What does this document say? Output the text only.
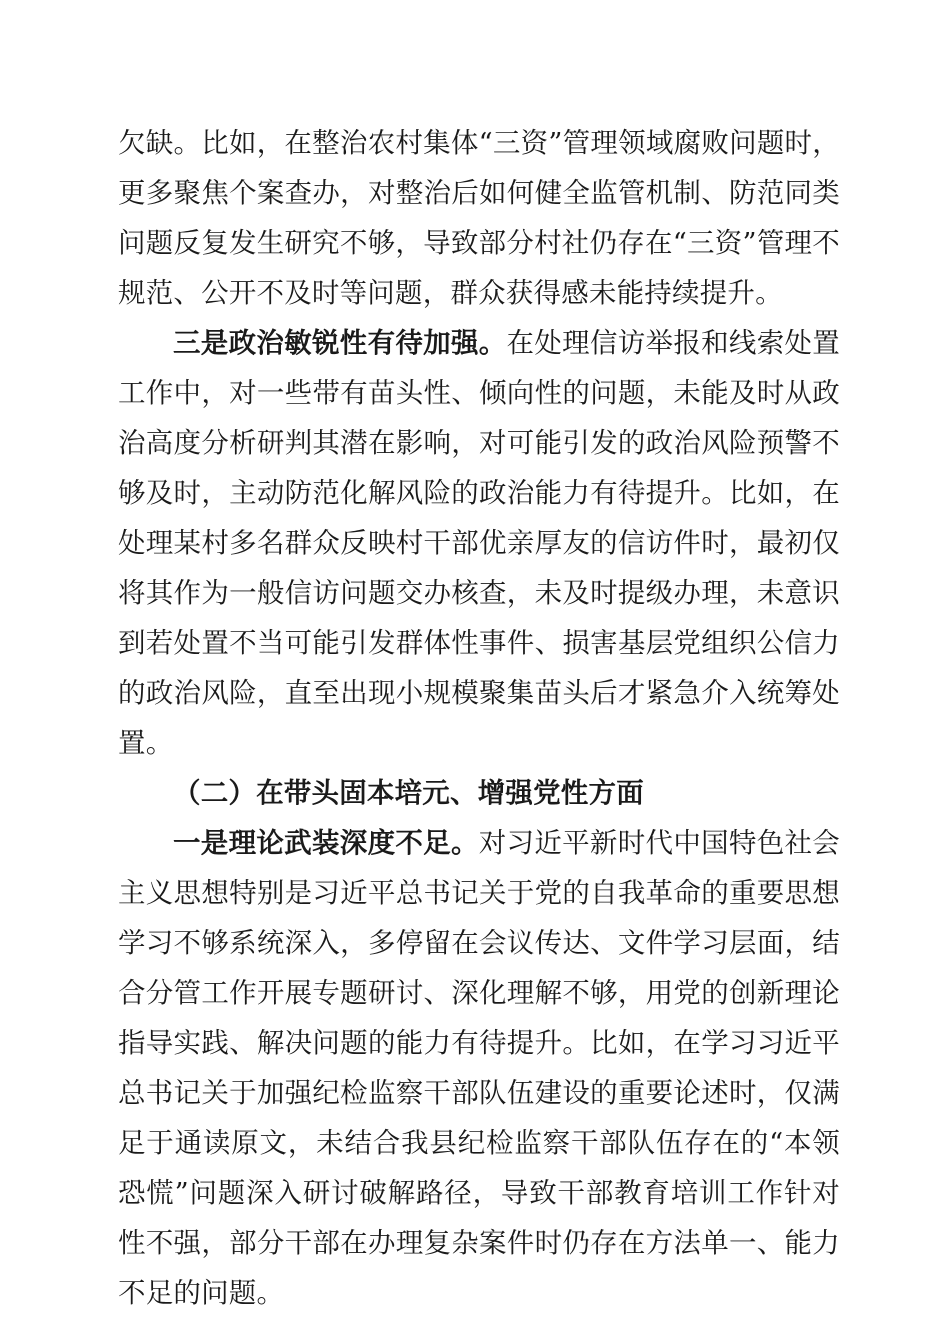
欠缺。比如，在整治农村集体“三资”管理领域腐败问题时，更多聚焦个案查办，对整治后如何健全监管机制、防范同类问题反复发生研究不够，导致部分村社仍存在“三资”管理不规范、公开不及时等问题，群众获得感未能持续提升。

三是政治敏锐性有待加强。在处理信访举报和线索处置工作中，对一些带有苗头性、倾向性的问题，未能及时从政治高度分析研判其潜在影响，对可能引发的政治风险预警不够及时，主动防范化解风险的政治能力有待提升。比如，在处理某村多名群众反映村干部优亲厚友的信访件时，最初仅将其作为一般信访问题交办核查，未及时提级办理，未意识到若处置不当可能引发群体性事件、损害基层党组织公信力的政治风险，直至出现小规模聚集苗头后才紧急介入统筹处置。

（二）在带头固本培元、增强党性方面

一是理论武装深度不足。对习近平新时代中国特色社会主义思想特别是习近平总书记关于党的自我革命的重要思想学习不够系统深入，多停留在会议传达、文件学习层面，结合分管工作开展专题研讨、深化理解不够，用党的创新理论指导实践、解决问题的能力有待提升。比如，在学习习近平总书记关于加强纪检监察干部队伍建设的重要论述时，仅满足于通读原文，未结合我县纪检监察干部队伍存在的“本领恐慌”问题深入研讨破解路径，导致干部教育培训工作针对性不强，部分干部在办理复杂案件时仍存在方法单一、能力不足的问题。
